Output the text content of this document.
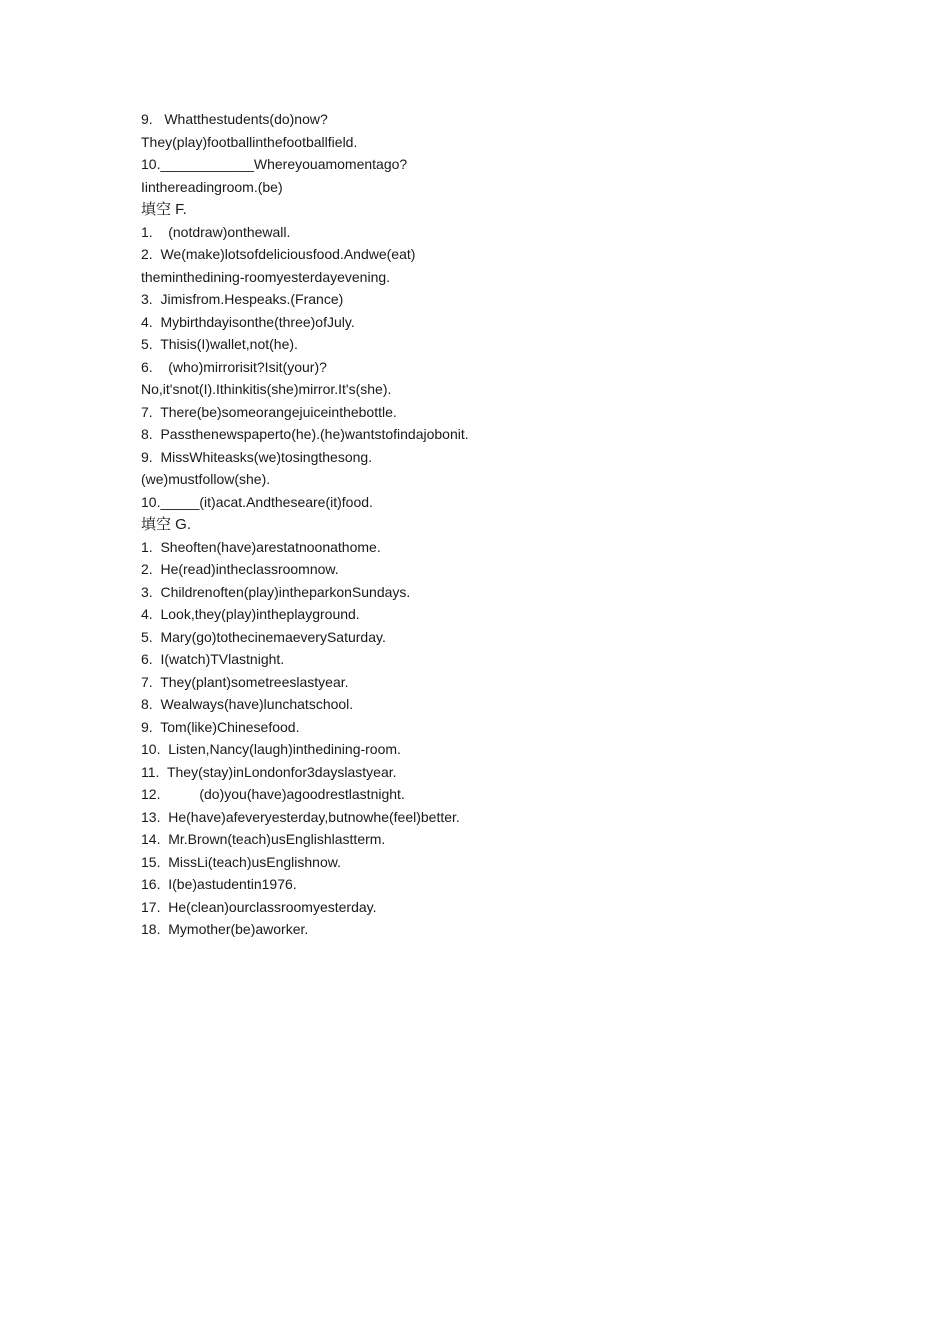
9.   Whatthestudents(do)now?
They(play)footballinthefootballfield.
10.____________Whereyouamomentago?
Iinthereadingroom.(be)
填空 F.
1.    (notdraw)onthewall.
2.  We(make)lotsofdeliciousfood.Andwe(eat)
theminthedining-roomyesterdayevening.
3.  Jimisfrom.Hespeaks.(France)
4.  Mybirthdayisonthe(three)ofJuly.
5.  Thisis(I)wallet,not(he).
6.    (who)mirrorisit?Isit(your)?
No,it'snot(I).Ithinkitis(she)mirror.It's(she).
7.  There(be)someorangejuiceinthebottle.
8.  Passthenewspaperto(he).(he)wantstofindajobonit.
9.  MissWhiteasks(we)tosingthesong.
(we)mustfollow(she).
10._____(it)acat.Andtheseare(it)food.
填空 G.
1.  Sheoften(have)arestatnoonathome.
2.  He(read)intheclassroomnow.
3.  Childrenoften(play)intheparkonSundays.
4.  Look,they(play)intheplayground.
5.  Mary(go)tothecinemaeverySaturday.
6.  I(watch)TVlastnight.
7.  They(plant)sometreeslastyear.
8.  Wealways(have)lunchatschool.
9.  Tom(like)Chinesefood.
10.  Listen,Nancy(laugh)inthedining-room.
11.  They(stay)inLondonfor3dayslastyear.
12.          (do)you(have)agoodrestlastnight.
13.  He(have)afeveryesterday,butnowhe(feel)better.
14.  Mr.Brown(teach)usEnglishlastterm.
15.  MissLi(teach)usEnglishnow.
16.  I(be)astudentin1976.
17.  He(clean)ourclassroomyesterday.
18.  Mymother(be)aworker.
